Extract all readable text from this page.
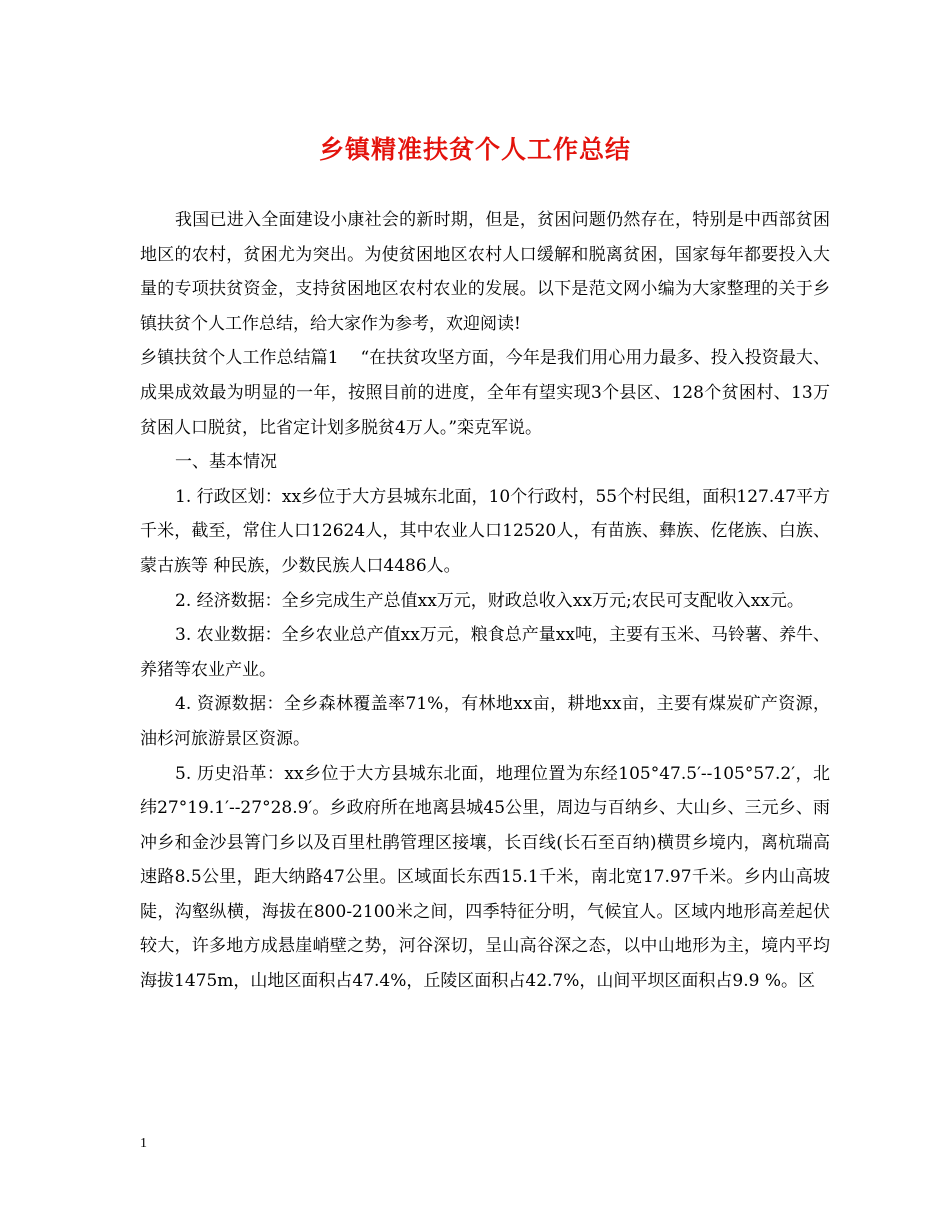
乡镇精准扶贫个人工作总结

我国已进入全面建设小康社会的新时期，但是，贫困问题仍然存在，特别是中西部贫困地区的农村，贫困尤为突出。为使贫困地区农村人口缓解和脱离贫困，国家每年都要投入大量的专项扶贫资金，支持贫困地区农村农业的发展。以下是范文网小编为大家整理的关于乡镇扶贫个人工作总结，给大家作为参考，欢迎阅读!

乡镇扶贫个人工作总结篇1 “在扶贫攻坚方面，今年是我们用心用力最多、投入投资最大、成果成效最为明显的一年，按照目前的进度，全年有望实现3个县区、128个贫困村、13万贫困人口脱贫，比省定计划多脱贫4万人。”栾克军说。

一、基本情况

1. 行政区划：xx乡位于大方县城东北面，10个行政村，55个村民组，面积127.47平方千米，截至，常住人口12624人，其中农业人口12520人，有苗族、彝族、仡佬族、白族、蒙古族等 种民族，少数民族人口4486人。

2. 经济数据：全乡完成生产总值xx万元，财政总收入xx万元;农民可支配收入xx元。

3. 农业数据：全乡农业总产值xx万元，粮食总产量xx吨，主要有玉米、马铃薯、养牛、养猪等农业产业。

4. 资源数据：全乡森林覆盖率71%，有林地xx亩，耕地xx亩，主要有煤炭矿产资源，油杉河旅游景区资源。

5. 历史沿革：xx乡位于大方县城东北面，地理位置为东经105°47.5′--105°57.2′，北纬27°19.1′--27°28.9′。乡政府所在地离县城45公里，周边与百纳乡、大山乡、三元乡、雨冲乡和金沙县箐门乡以及百里杜鹃管理区接壤，长百线(长石至百纳)横贯乡境内，离杭瑞高速路8.5公里，距大纳路47公里。区域面长东西15.1千米，南北宽17.97千米。乡内山高坡陡，沟壑纵横，海拔在800-2100米之间，四季特征分明，气候宜人。区域内地形高差起伏较大，许多地方成悬崖峭壁之势，河谷深切，呈山高谷深之态，以中山地形为主，境内平均海拔1475m，山地区面积占47.4%，丘陵区面积占42.7%，山间平坝区面积占9.9 %。区

1
